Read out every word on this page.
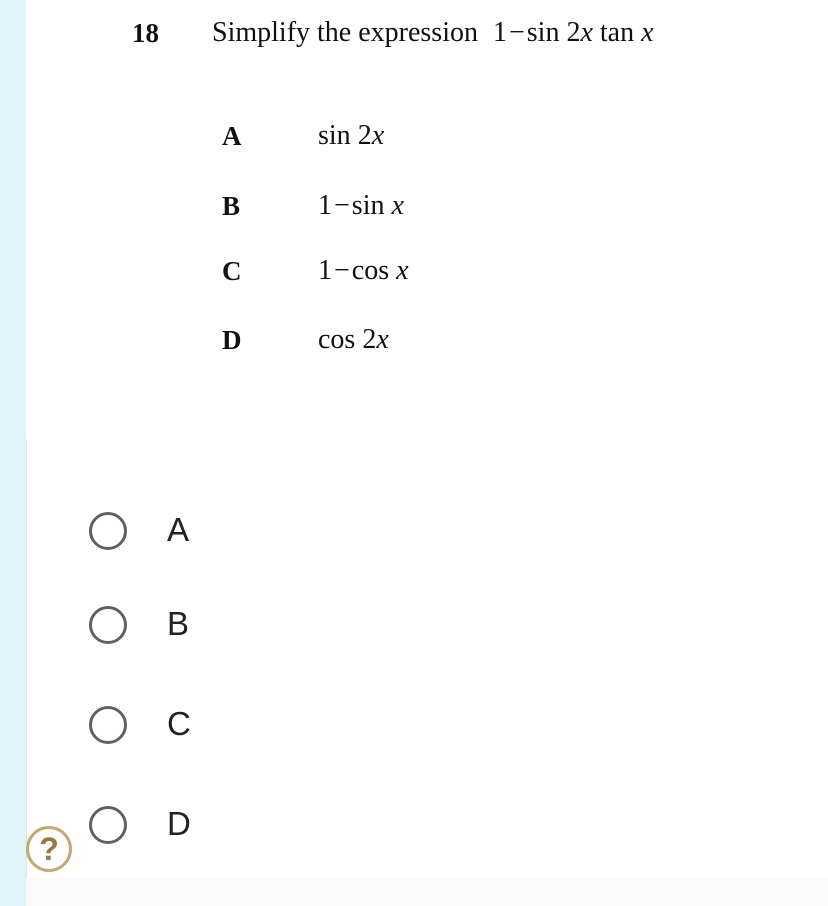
18 Simplify the expression 1−sin 2x tan x
A	sin 2x
B	1−sin x
C	1−cos x
D	cos 2x
A
B
C
D
?
